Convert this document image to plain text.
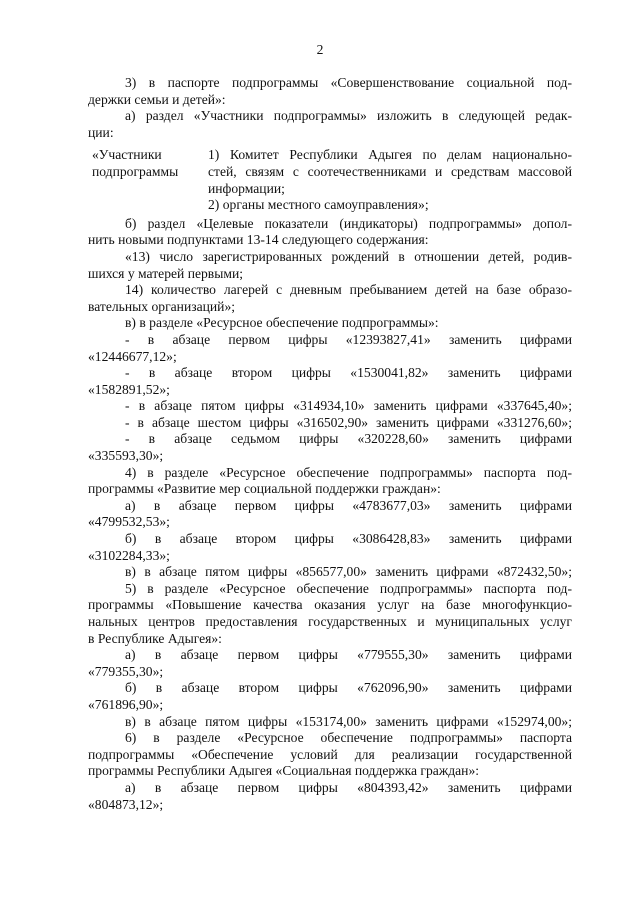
2

3) в паспорте подпрограммы «Совершенствование социальной под-

держки семьи и детей»:

а) раздел «Участники подпрограммы» изложить в следующей редак-

ции:

«Участники
подпрограммы

1) Комитет Республики Адыгея по делам национально-

стей, связям с соотечественниками и средствам массовой

информации;

2) органы местного самоуправления»;

б) раздел «Целевые показатели (индикаторы) подпрограммы» допол-

нить новыми подпунктами 13-14 следующего содержания:

«13) число зарегистрированных рождений в отношении детей, родив-

шихся у матерей первыми;

14) количество лагерей с дневным пребыванием детей на базе образо-

вательных организаций»;

в) в разделе «Ресурсное обеспечение подпрограммы»:

- в абзаце первом цифры «12393827,41» заменить цифрами

«12446677,12»;

- в абзаце втором цифры «1530041,82» заменить цифрами

«1582891,52»;

- в абзаце пятом цифры «314934,10» заменить цифрами «337645,40»;

- в абзаце шестом цифры «316502,90» заменить цифрами «331276,60»;

- в абзаце седьмом цифры «320228,60» заменить цифрами

«335593,30»;

4) в разделе «Ресурсное обеспечение подпрограммы» паспорта под-

программы «Развитие мер социальной поддержки граждан»:

а) в абзаце первом цифры «4783677,03» заменить цифрами

«4799532,53»;

б) в абзаце втором цифры «3086428,83» заменить цифрами

«3102284,33»;

в) в абзаце пятом цифры «856577,00» заменить цифрами «872432,50»;

5) в разделе «Ресурсное обеспечение подпрограммы» паспорта под-

программы «Повышение качества оказания услуг на базе многофункцио-

нальных центров предоставления государственных и муниципальных услуг

в Республике Адыгея»:

а) в абзаце первом цифры «779555,30» заменить цифрами

«779355,30»;

б) в абзаце втором цифры «762096,90» заменить цифрами

«761896,90»;

в) в абзаце пятом цифры «153174,00» заменить цифрами «152974,00»;

6) в разделе «Ресурсное обеспечение подпрограммы» паспорта

подпрограммы «Обеспечение условий для реализации государственной

программы Республики Адыгея «Социальная поддержка граждан»:

а) в абзаце первом цифры «804393,42» заменить цифрами

«804873,12»;
